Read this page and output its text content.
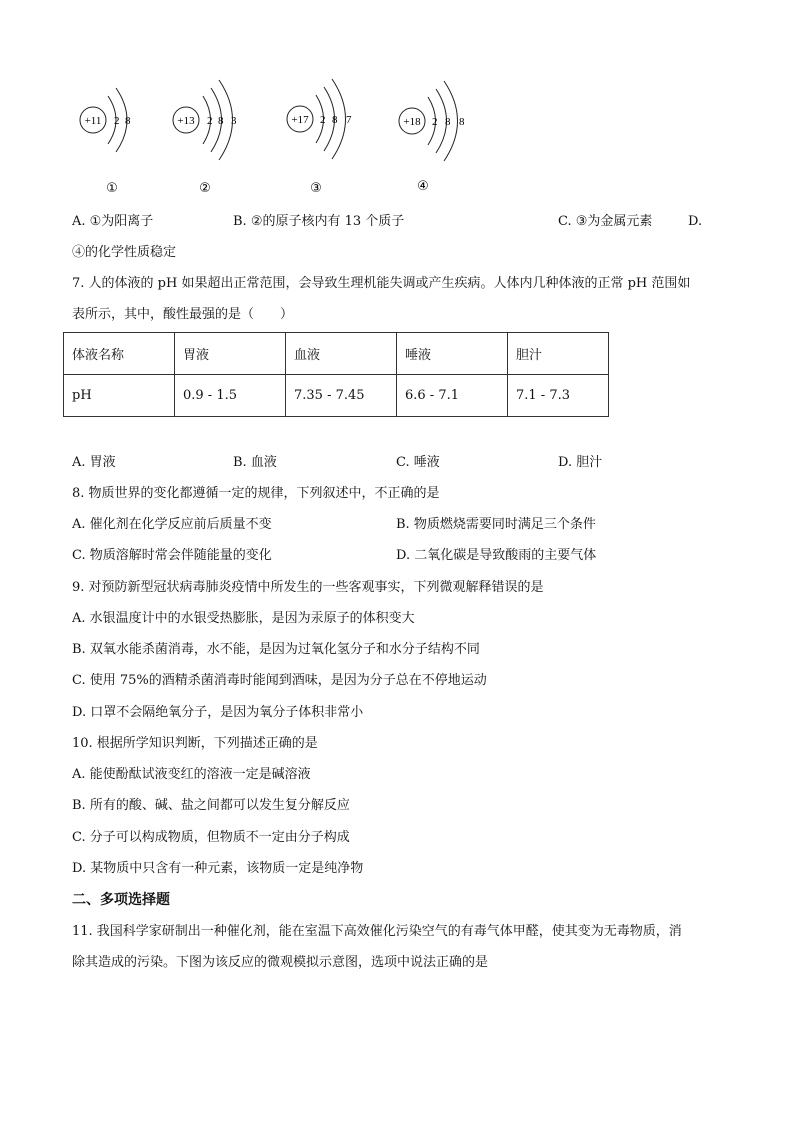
+11 2 8
①
+13 2 8 3
②
+17 2 8 7
③
+18 2 8 8
④
A. ①为阳离子	B. ②的原子核内有 13 个质子	C. ③为金属元素	D.
④的化学性质稳定
7. 人的体液的 pH 如果超出正常范围，会导致生理机能失调或产生疾病。人体内几种体液的正常 pH 范围如
表所示，其中，酸性最强的是（　　）
体液名称	胃液	血液	唾液	胆汁
pH	0.9 - 1.5	7.35 - 7.45	6.6 - 7.1	7.1 - 7.3
A. 胃液	B. 血液	C. 唾液	D. 胆汁
8. 物质世界的变化都遵循一定的规律，下列叙述中，不正确的是
A. 催化剂在化学反应前后质量不变	B. 物质燃烧需要同时满足三个条件
C. 物质溶解时常会伴随能量的变化	D. 二氧化碳是导致酸雨的主要气体
9. 对预防新型冠状病毒肺炎疫情中所发生的一些客观事实，下列微观解释错误的是
A. 水银温度计中的水银受热膨胀，是因为汞原子的体积变大
B. 双氧水能杀菌消毒，水不能，是因为过氧化氢分子和水分子结构不同
C. 使用 75%的酒精杀菌消毒时能闻到酒味，是因为分子总在不停地运动
D. 口罩不会隔绝氧分子，是因为氧分子体积非常小
10. 根据所学知识判断，下列描述正确的是
A. 能使酚酞试液变红的溶液一定是碱溶液
B. 所有的酸、碱、盐之间都可以发生复分解反应
C. 分子可以构成物质，但物质不一定由分子构成
D. 某物质中只含有一种元素，该物质一定是纯净物
二、多项选择题
11. 我国科学家研制出一种催化剂，能在室温下高效催化污染空气的有毒气体甲醛，使其变为无毒物质，消
除其造成的污染。下图为该反应的微观模拟示意图，选项中说法正确的是
